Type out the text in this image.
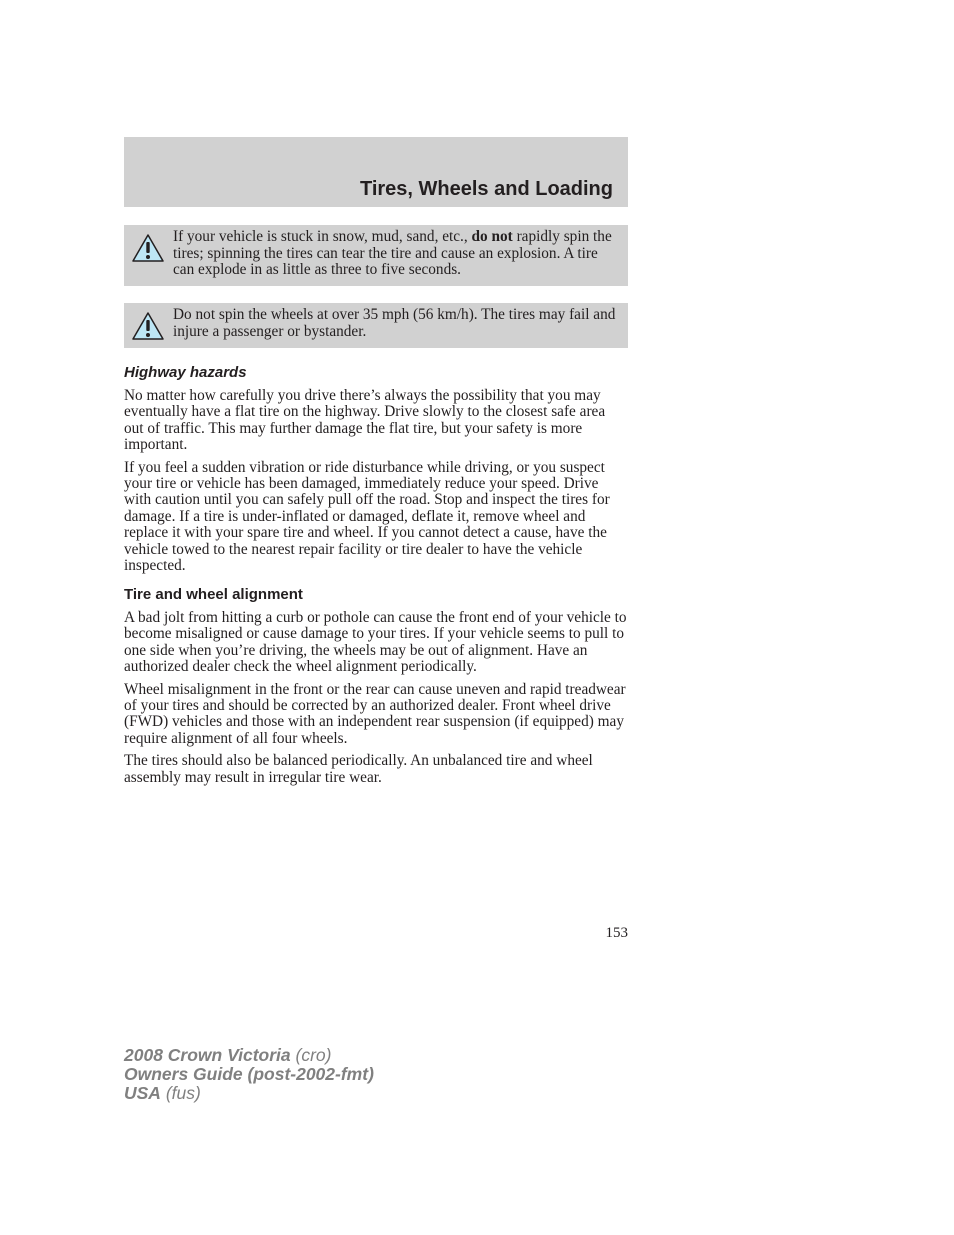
Tires, Wheels and Loading
If your vehicle is stuck in snow, mud, sand, etc., do not rapidly spin the tires; spinning the tires can tear the tire and cause an explosion. A tire can explode in as little as three to five seconds.
Do not spin the wheels at over 35 mph (56 km/h). The tires may fail and injure a passenger or bystander.
Highway hazards

No matter how carefully you drive there’s always the possibility that you may eventually have a flat tire on the highway. Drive slowly to the closest safe area out of traffic. This may further damage the flat tire, but your safety is more important.

If you feel a sudden vibration or ride disturbance while driving, or you suspect your tire or vehicle has been damaged, immediately reduce your speed. Drive with caution until you can safely pull off the road. Stop and inspect the tires for damage. If a tire is under-inflated or damaged, deflate it, remove wheel and replace it with your spare tire and wheel. If you cannot detect a cause, have the vehicle towed to the nearest repair facility or tire dealer to have the vehicle inspected.

Tire and wheel alignment

A bad jolt from hitting a curb or pothole can cause the front end of your vehicle to become misaligned or cause damage to your tires. If your vehicle seems to pull to one side when you’re driving, the wheels may be out of alignment. Have an authorized dealer check the wheel alignment periodically.

Wheel misalignment in the front or the rear can cause uneven and rapid treadwear of your tires and should be corrected by an authorized dealer. Front wheel drive (FWD) vehicles and those with an independent rear suspension (if equipped) may require alignment of all four wheels.

The tires should also be balanced periodically. An unbalanced tire and wheel assembly may result in irregular tire wear.

153
2008 Crown Victoria (cro)
Owners Guide (post-2002-fmt)
USA (fus)
